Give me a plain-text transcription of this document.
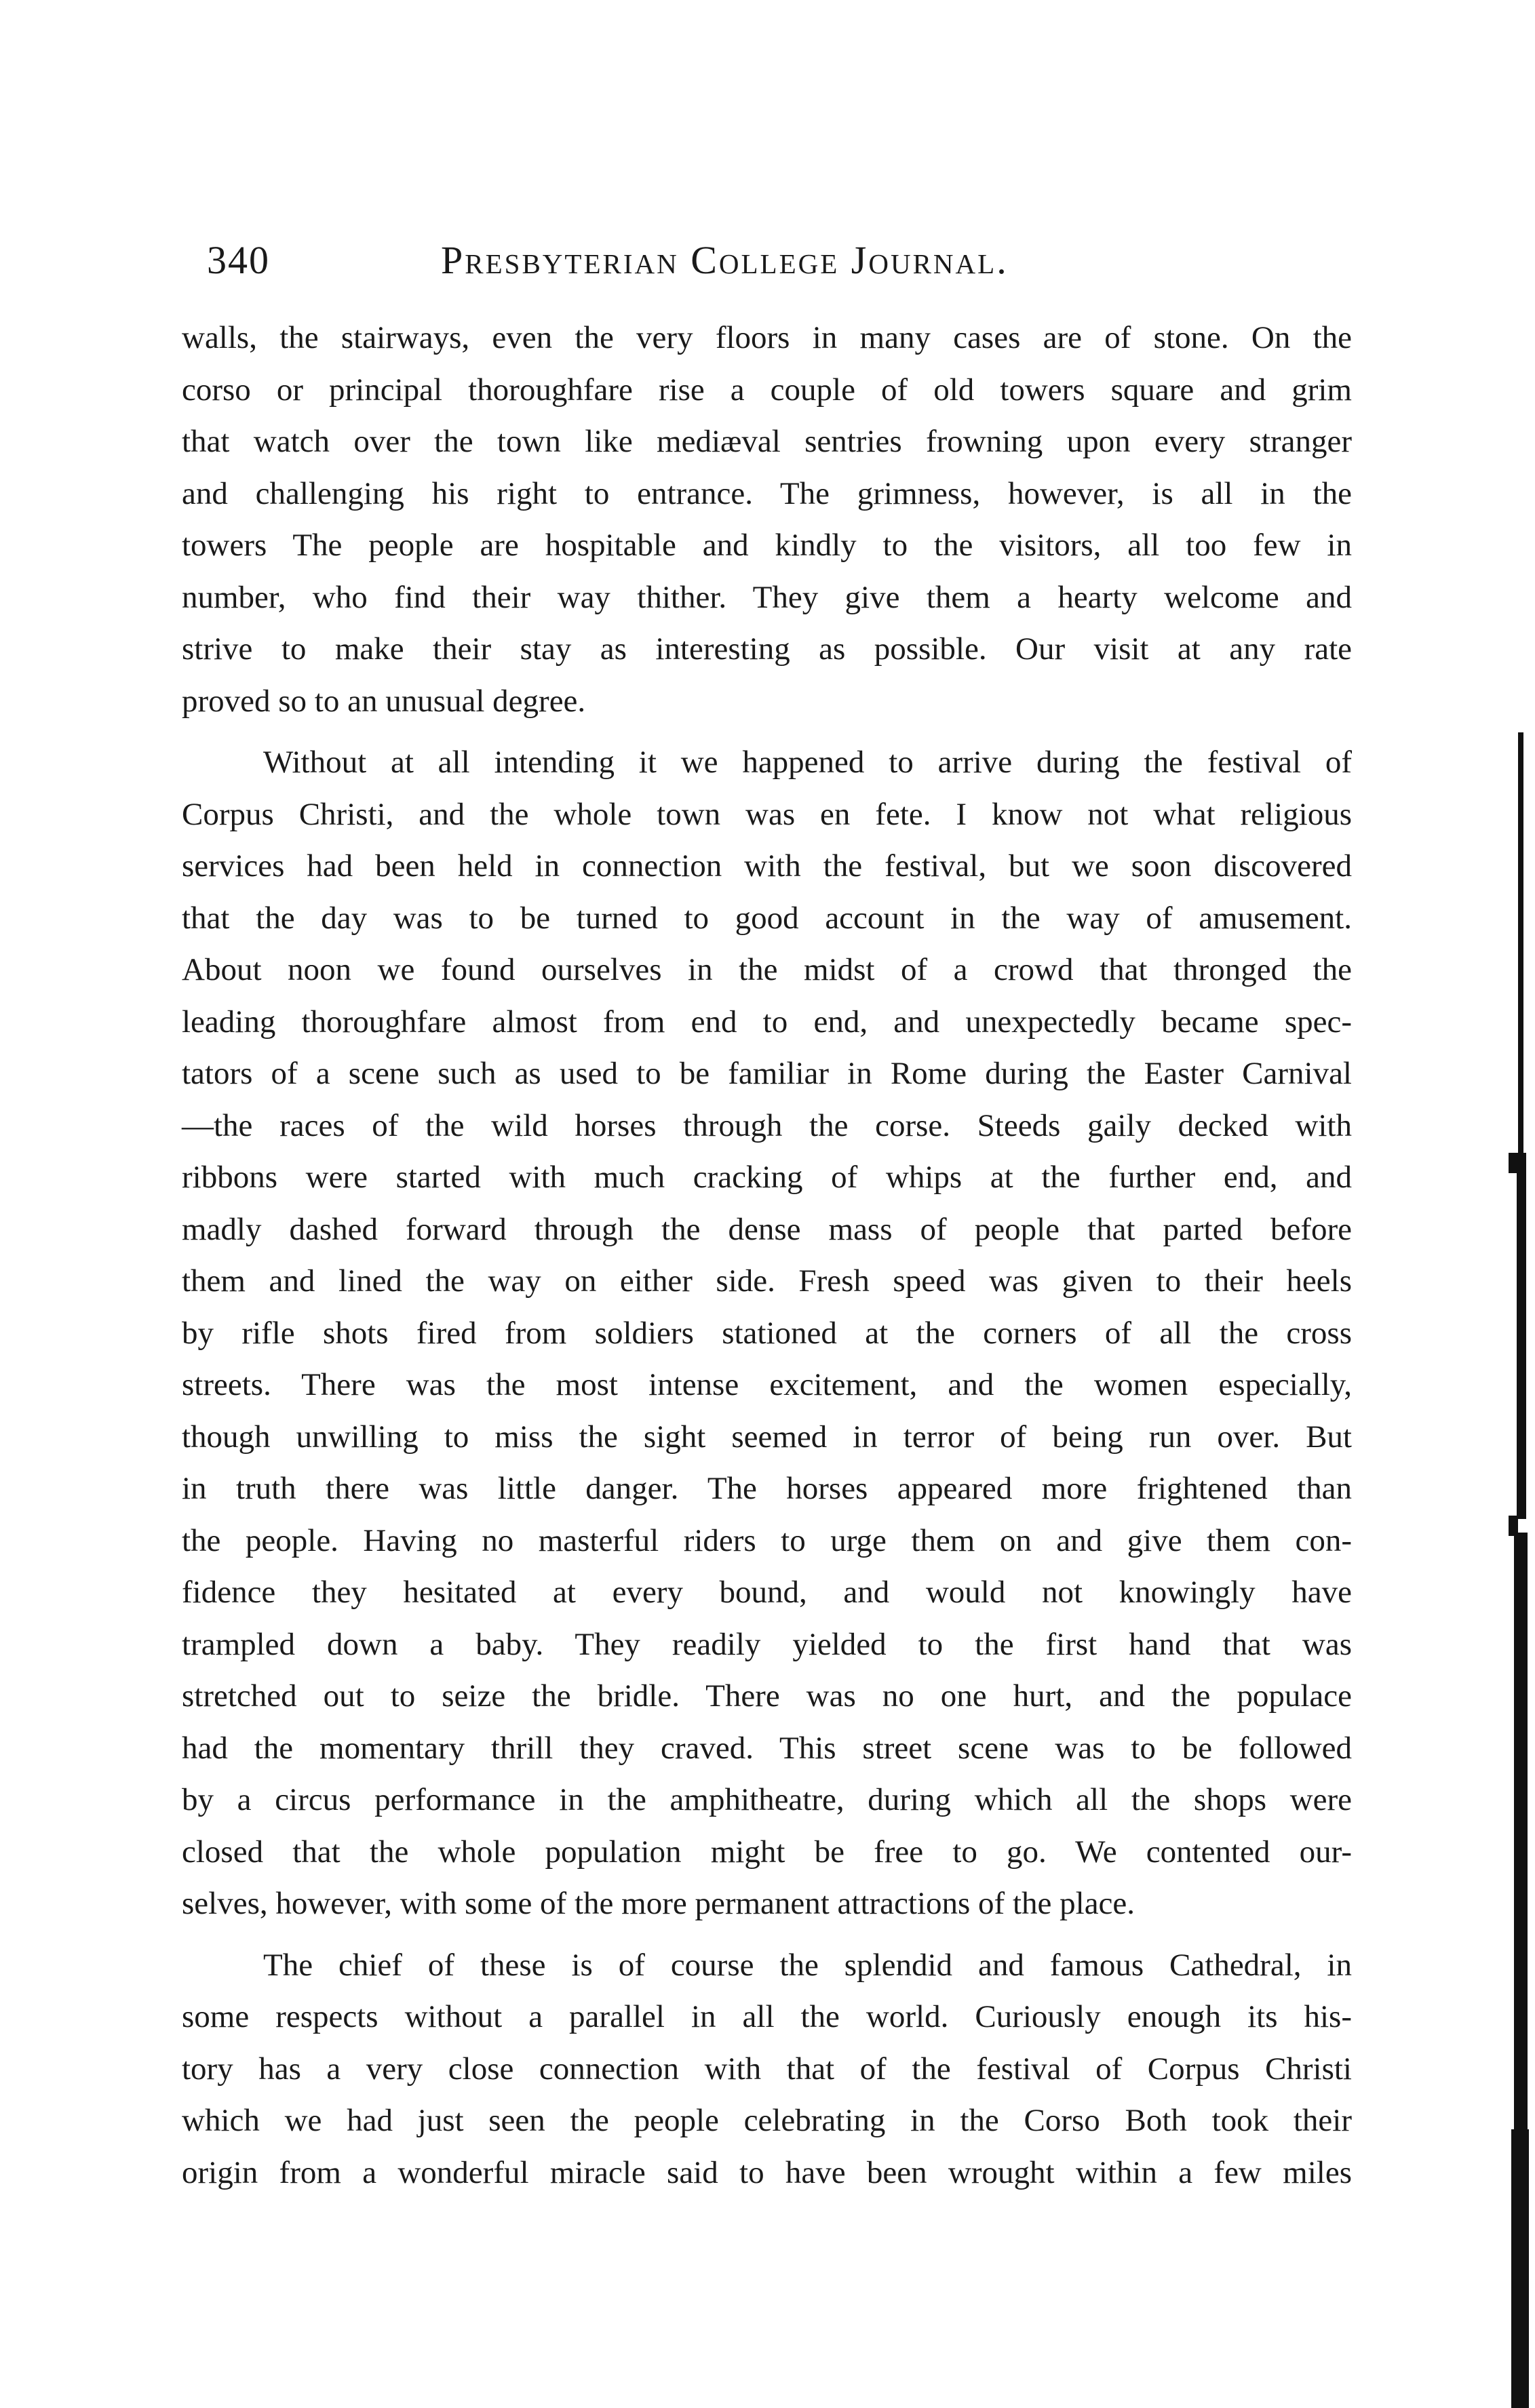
340	Presbyterian College Journal.
walls, the stairways, even the very floors in many cases are of stone. On the
corso or principal thoroughfare rise a couple of old towers square and grim
that watch over the town like mediæval sentries frowning upon every stranger
and challenging his right to entrance. The grimness, however, is all in the
towers The people are hospitable and kindly to the visitors, all too few in
number, who find their way thither. They give them a hearty welcome and
strive to make their stay as interesting as possible. Our visit at any rate
proved so to an unusual degree.
Without at all intending it we happened to arrive during the festival of
Corpus Christi, and the whole town was en fete. I know not what religious
services had been held in connection with the festival, but we soon discovered
that the day was to be turned to good account in the way of amusement.
About noon we found ourselves in the midst of a crowd that thronged the
leading thoroughfare almost from end to end, and unexpectedly became spec-
tators of a scene such as used to be familiar in Rome during the Easter Carnival
—the races of the wild horses through the corse. Steeds gaily decked with
ribbons were started with much cracking of whips at the further end, and
madly dashed forward through the dense mass of people that parted before
them and lined the way on either side. Fresh speed was given to their heels
by rifle shots fired from soldiers stationed at the corners of all the cross
streets. There was the most intense excitement, and the women especially,
though unwilling to miss the sight seemed in terror of being run over. But
in truth there was little danger. The horses appeared more frightened than
the people. Having no masterful riders to urge them on and give them con-
fidence they hesitated at every bound, and would not knowingly have
trampled down a baby. They readily yielded to the first hand that was
stretched out to seize the bridle. There was no one hurt, and the populace
had the momentary thrill they craved. This street scene was to be followed
by a circus performance in the amphitheatre, during which all the shops were
closed that the whole population might be free to go. We contented our-
selves, however, with some of the more permanent attractions of the place.
The chief of these is of course the splendid and famous Cathedral, in
some respects without a parallel in all the world. Curiously enough its his-
tory has a very close connection with that of the festival of Corpus Christi
which we had just seen the people celebrating in the Corso Both took their
origin from a wonderful miracle said to have been wrought within a few miles
